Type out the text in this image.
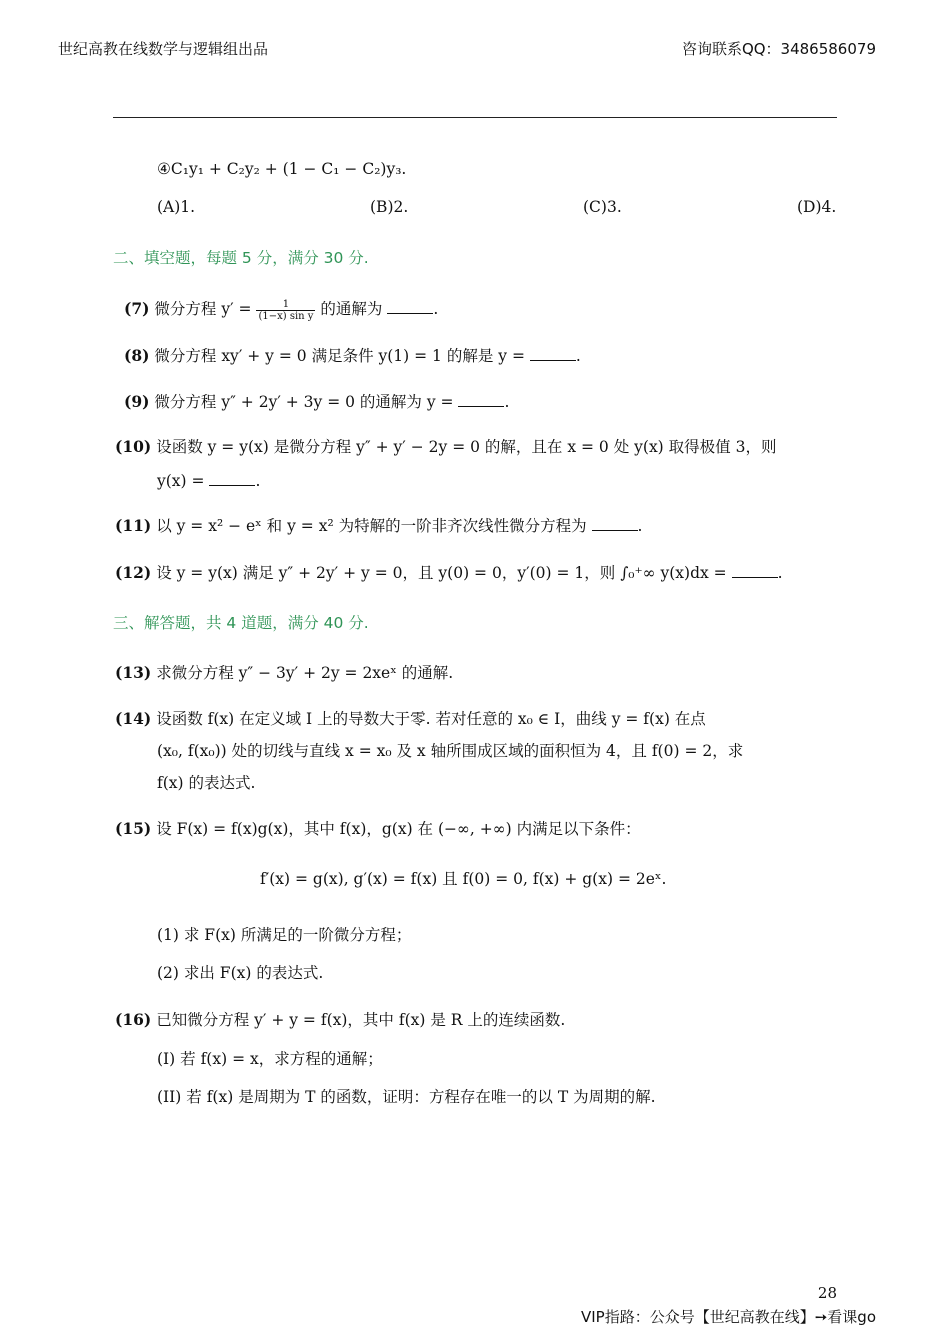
世纪高教在线数学与逻辑组出品	咨询联系QQ：3486586079
④C₁y₁ + C₂y₂ + (1 − C₁ − C₂)y₃.
(A)1.	(B)2.	(C)3.	(D)4.
二、填空题，每题 5 分，满分 30 分.
(7) 微分方程 $y' = \frac{1}{\text{(1−x) sin y}}$ 的通解为	.
(8) 微分方程 xy′ + y = 0 满足条件 y(1) = 1 的解是 y =	.
(9) 微分方程 y″ + 2y′ + 3y = 0 的通解为 y =	.
(10) 设函数 y = y(x) 是微分方程 y″ + y′ − 2y = 0 的解，且在 x = 0 处 y(x) 取得极值 3，则
y(x) =	.
(11) 以 y = x² − eˣ 和 y = x² 为特解的一阶非齐次线性微分方程为	.
(12) 设 y = y(x) 满足 y″ + 2y′ + y = 0，且 y(0) = 0，y′(0) = 1，则 ∫₀⁺∞ y(x)dx =	.
三、解答题，共 4 道题，满分 40 分.
(13) 求微分方程 y″ − 3y′ + 2y = 2xeˣ 的通解.
(14) 设函数 f(x) 在定义域 I 上的导数大于零. 若对任意的 x₀ ∈ I，曲线 y = f(x) 在点
(x₀, f(x₀)) 处的切线与直线 x = x₀ 及 x 轴所围成区域的面积恒为 4，且 f(0) = 2，求
f(x) 的表达式.
(15) 设 F(x) = f(x)g(x)，其中 f(x)，g(x) 在 (−∞, +∞) 内满足以下条件：
f′(x) = g(x), g′(x) = f(x) 且 f(0) = 0, f(x) + g(x) = 2eˣ.
(1) 求 F(x) 所满足的一阶微分方程；
(2) 求出 F(x) 的表达式.
(16) 已知微分方程 y′ + y = f(x)，其中 f(x) 是 R 上的连续函数.
(I) 若 f(x) = x，求方程的通解；
(II) 若 f(x) 是周期为 T 的函数，证明：方程存在唯一的以 T 为周期的解.
28
VIP指路：公众号【世纪高教在线】➙看课go
